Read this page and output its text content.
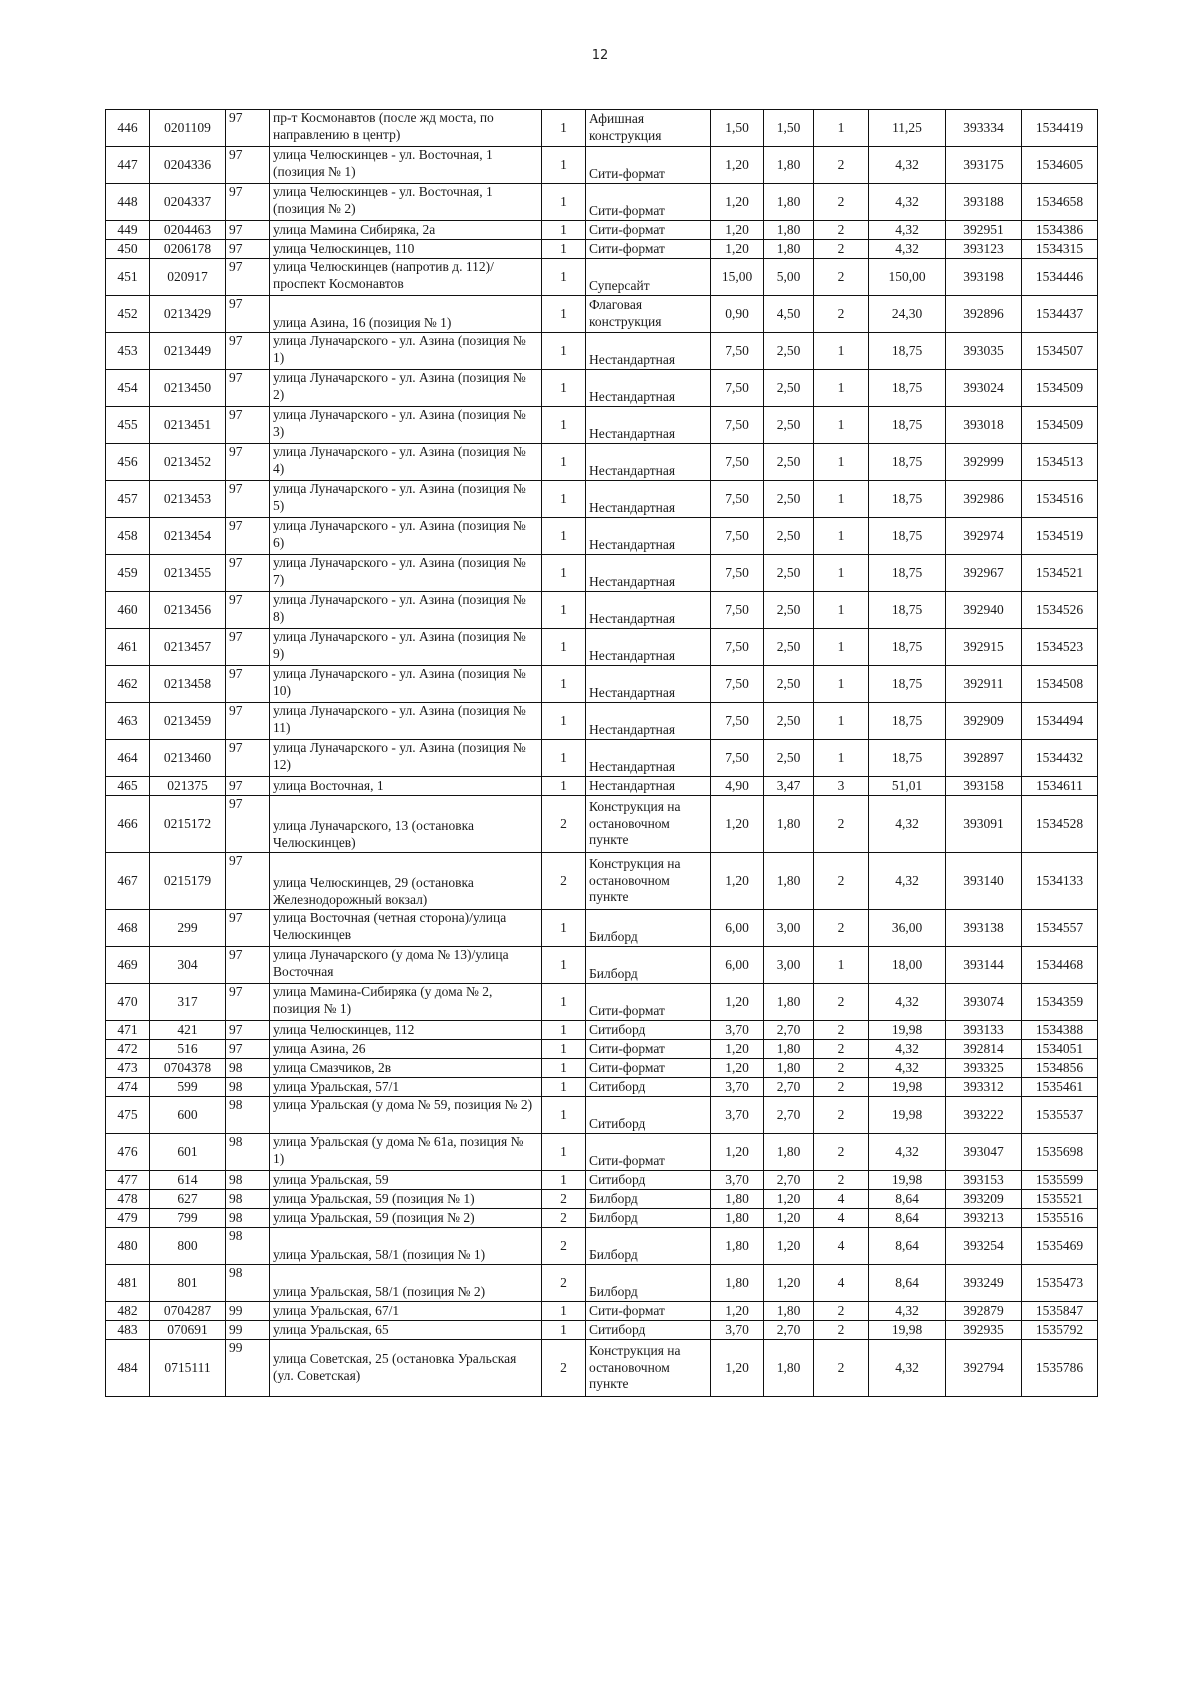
12
446	0201109	97	пр-т Космонавтов (после жд моста, по направлению в центр)	1	Афишная конструкция	1,50	1,50	1	11,25	393334	1534419
447	0204336	97	улица Челюскинцев - ул. Восточная, 1 (позиция № 1)	1	Сити-формат	1,20	1,80	2	4,32	393175	1534605
448	0204337	97	улица Челюскинцев - ул. Восточная, 1 (позиция № 2)	1	Сити-формат	1,20	1,80	2	4,32	393188	1534658
449	0204463	97	улица Мамина Сибиряка, 2а	1	Сити-формат	1,20	1,80	2	4,32	392951	1534386
450	0206178	97	улица Челюскинцев, 110	1	Сити-формат	1,20	1,80	2	4,32	393123	1534315
451	020917	97	улица Челюскинцев (напротив д. 112)/проспект Космонавтов	1	Суперсайт	15,00	5,00	2	150,00	393198	1534446
452	0213429	97	улица Азина, 16 (позиция № 1)	1	Флаговая конструкция	0,90	4,50	2	24,30	392896	1534437
453	0213449	97	улица Луначарского - ул. Азина (позиция № 1)	1	Нестандартная	7,50	2,50	1	18,75	393035	1534507
454	0213450	97	улица Луначарского - ул. Азина (позиция № 2)	1	Нестандартная	7,50	2,50	1	18,75	393024	1534509
455	0213451	97	улица Луначарского - ул. Азина (позиция № 3)	1	Нестандартная	7,50	2,50	1	18,75	393018	1534509
456	0213452	97	улица Луначарского - ул. Азина (позиция № 4)	1	Нестандартная	7,50	2,50	1	18,75	392999	1534513
457	0213453	97	улица Луначарского - ул. Азина (позиция № 5)	1	Нестандартная	7,50	2,50	1	18,75	392986	1534516
458	0213454	97	улица Луначарского - ул. Азина (позиция № 6)	1	Нестандартная	7,50	2,50	1	18,75	392974	1534519
459	0213455	97	улица Луначарского - ул. Азина (позиция № 7)	1	Нестандартная	7,50	2,50	1	18,75	392967	1534521
460	0213456	97	улица Луначарского - ул. Азина (позиция № 8)	1	Нестандартная	7,50	2,50	1	18,75	392940	1534526
461	0213457	97	улица Луначарского - ул. Азина (позиция № 9)	1	Нестандартная	7,50	2,50	1	18,75	392915	1534523
462	0213458	97	улица Луначарского - ул. Азина (позиция № 10)	1	Нестандартная	7,50	2,50	1	18,75	392911	1534508
463	0213459	97	улица Луначарского - ул. Азина (позиция № 11)	1	Нестандартная	7,50	2,50	1	18,75	392909	1534494
464	0213460	97	улица Луначарского - ул. Азина (позиция № 12)	1	Нестандартная	7,50	2,50	1	18,75	392897	1534432
465	021375	97	улица Восточная, 1	1	Нестандартная	4,90	3,47	3	51,01	393158	1534611
466	0215172	97	улица Луначарского, 13 (остановка Челюскинцев)	2	Конструкция на остановочном пункте	1,20	1,80	2	4,32	393091	1534528
467	0215179	97	улица Челюскинцев, 29 (остановка Железнодорожный вокзал)	2	Конструкция на остановочном пункте	1,20	1,80	2	4,32	393140	1534133
468	299	97	улица Восточная (четная сторона)/улица Челюскинцев	1	Билборд	6,00	3,00	2	36,00	393138	1534557
469	304	97	улица Луначарского (у дома № 13)/улица Восточная	1	Билборд	6,00	3,00	1	18,00	393144	1534468
470	317	97	улица Мамина-Сибиряка (у дома № 2, позиция № 1)	1	Сити-формат	1,20	1,80	2	4,32	393074	1534359
471	421	97	улица Челюскинцев, 112	1	Ситиборд	3,70	2,70	2	19,98	393133	1534388
472	516	97	улица Азина, 26	1	Сити-формат	1,20	1,80	2	4,32	392814	1534051
473	0704378	98	улица Смазчиков, 2в	1	Сити-формат	1,20	1,80	2	4,32	393325	1534856
474	599	98	улица Уральская, 57/1	1	Ситиборд	3,70	2,70	2	19,98	393312	1535461
475	600	98	улица Уральская (у дома № 59, позиция № 2)	1	Ситиборд	3,70	2,70	2	19,98	393222	1535537
476	601	98	улица Уральская (у дома № 61а, позиция № 1)	1	Сити-формат	1,20	1,80	2	4,32	393047	1535698
477	614	98	улица Уральская, 59	1	Ситиборд	3,70	2,70	2	19,98	393153	1535599
478	627	98	улица Уральская, 59 (позиция № 1)	2	Билборд	1,80	1,20	4	8,64	393209	1535521
479	799	98	улица Уральская, 59 (позиция № 2)	2	Билборд	1,80	1,20	4	8,64	393213	1535516
480	800	98	улица Уральская, 58/1 (позиция № 1)	2	Билборд	1,80	1,20	4	8,64	393254	1535469
481	801	98	улица Уральская, 58/1 (позиция № 2)	2	Билборд	1,80	1,20	4	8,64	393249	1535473
482	0704287	99	улица Уральская, 67/1	1	Сити-формат	1,20	1,80	2	4,32	392879	1535847
483	070691	99	улица Уральская, 65	1	Ситиборд	3,70	2,70	2	19,98	392935	1535792
484	0715111	99	улица Советская, 25 (остановка Уральская (ул. Советская)	2	Конструкция на остановочном пункте	1,20	1,80	2	4,32	392794	1535786
